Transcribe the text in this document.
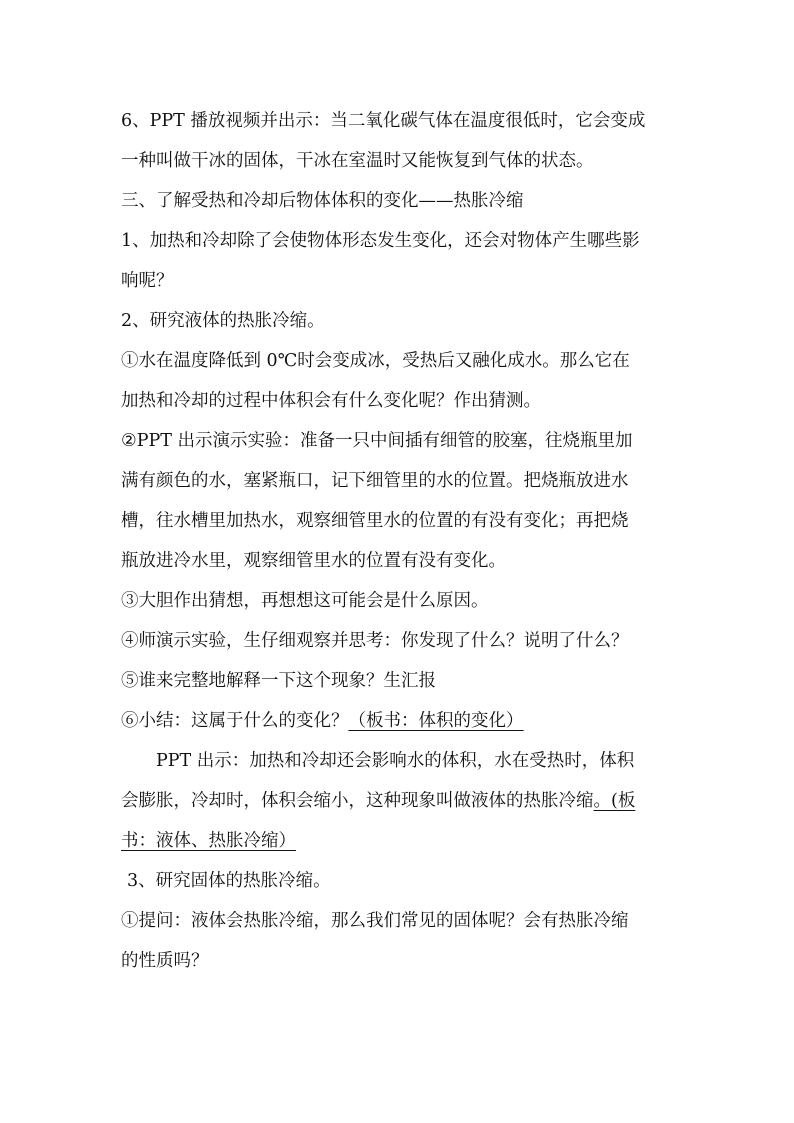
6、PPT 播放视频并出示：当二氧化碳气体在温度很低时，它会变成

一种叫做干冰的固体，干冰在室温时又能恢复到气体的状态。

三、了解受热和冷却后物体体积的变化——热胀冷缩

1、加热和冷却除了会使物体形态发生变化，还会对物体产生哪些影

响呢？

2、研究液体的热胀冷缩。

①水在温度降低到 0℃时会变成冰，受热后又融化成水。那么它在

加热和冷却的过程中体积会有什么变化呢？作出猜测。

②PPT 出示演示实验：准备一只中间插有细管的胶塞，往烧瓶里加

满有颜色的水，塞紧瓶口，记下细管里的水的位置。把烧瓶放进水

槽，往水槽里加热水，观察细管里水的位置的有没有变化；再把烧

瓶放进冷水里，观察细管里水的位置有没有变化。

③大胆作出猜想，再想想这可能会是什么原因。

④师演示实验，生仔细观察并思考：你发现了什么？说明了什么？

⑤谁来完整地解释一下这个现象？生汇报

⑥小结：这属于什么的变化？（板书：体积的变化）

PPT 出示：加热和冷却还会影响水的体积，水在受热时，体积

会膨胀，冷却时，体积会缩小，这种现象叫做液体的热胀冷缩。(板

书：液体、热胀冷缩）

3、研究固体的热胀冷缩。

①提问：液体会热胀冷缩，那么我们常见的固体呢？会有热胀冷缩

的性质吗？
